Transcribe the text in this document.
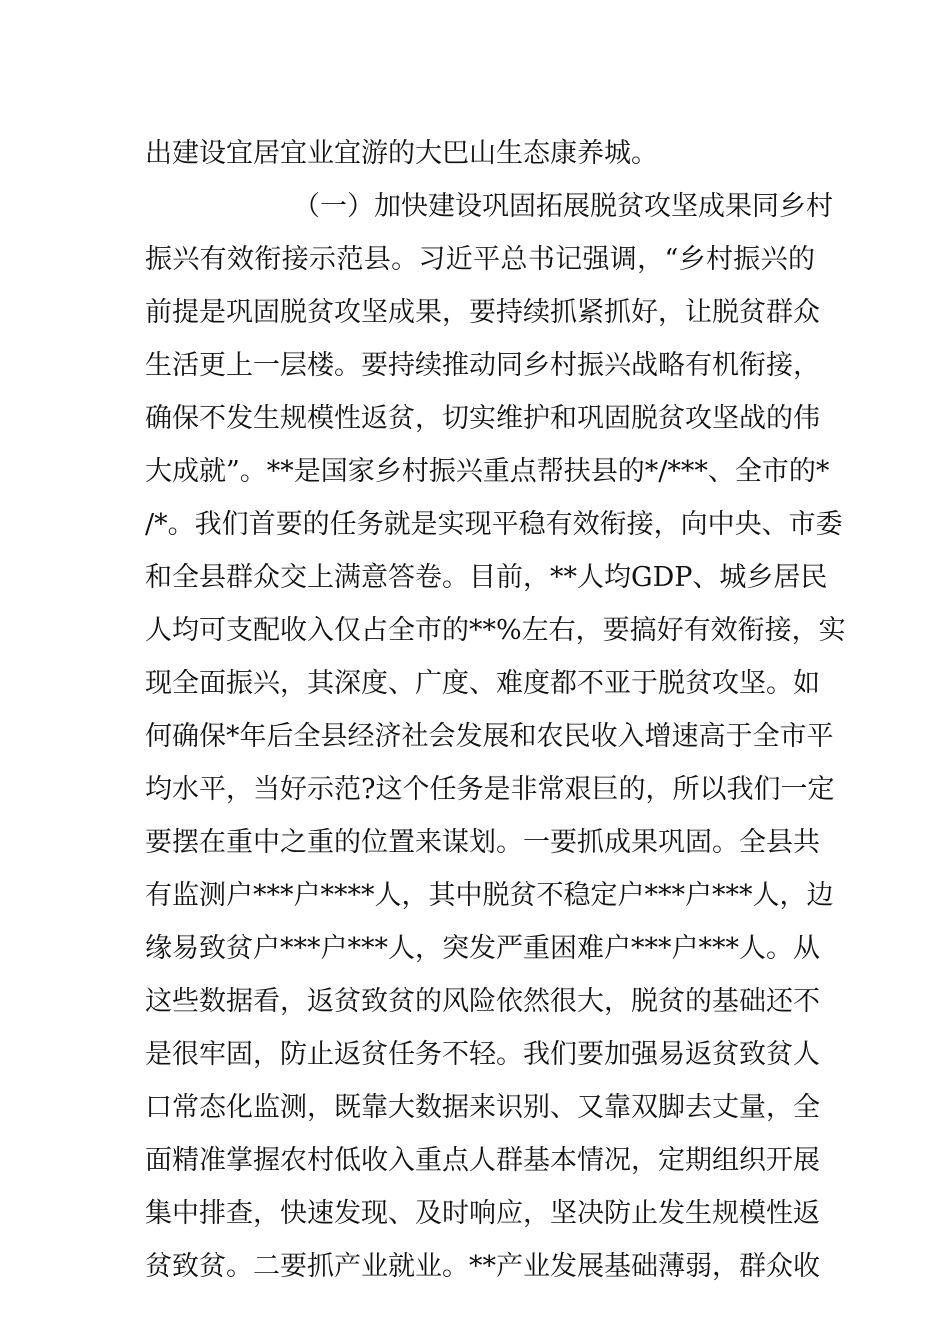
出建设宜居宜业宜游的大巴山生态康养城。
（一）加快建设巩固拓展脱贫攻坚成果同乡村
振兴有效衔接示范县。习近平总书记强调，“乡村振兴的
前提是巩固脱贫攻坚成果，要持续抓紧抓好，让脱贫群众
生活更上一层楼。要持续推动同乡村振兴战略有机衔接，
确保不发生规模性返贫，切实维护和巩固脱贫攻坚战的伟
大成就”。**是国家乡村振兴重点帮扶县的*/***、全市的*
/*。我们首要的任务就是实现平稳有效衔接，向中央、市委
和全县群众交上满意答卷。目前，**人均GDP、城乡居民
人均可支配收入仅占全市的**%左右，要搞好有效衔接，实
现全面振兴，其深度、广度、难度都不亚于脱贫攻坚。如
何确保*年后全县经济社会发展和农民收入增速高于全市平
均水平，当好示范?这个任务是非常艰巨的，所以我们一定
要摆在重中之重的位置来谋划。一要抓成果巩固。全县共
有监测户***户****人，其中脱贫不稳定户***户***人，边
缘易致贫户***户***人，突发严重困难户***户***人。从
这些数据看，返贫致贫的风险依然很大，脱贫的基础还不
是很牢固，防止返贫任务不轻。我们要加强易返贫致贫人
口常态化监测，既靠大数据来识别、又靠双脚去丈量，全
面精准掌握农村低收入重点人群基本情况，定期组织开展
集中排查，快速发现、及时响应，坚决防止发生规模性返
贫致贫。二要抓产业就业。**产业发展基础薄弱，群众收
